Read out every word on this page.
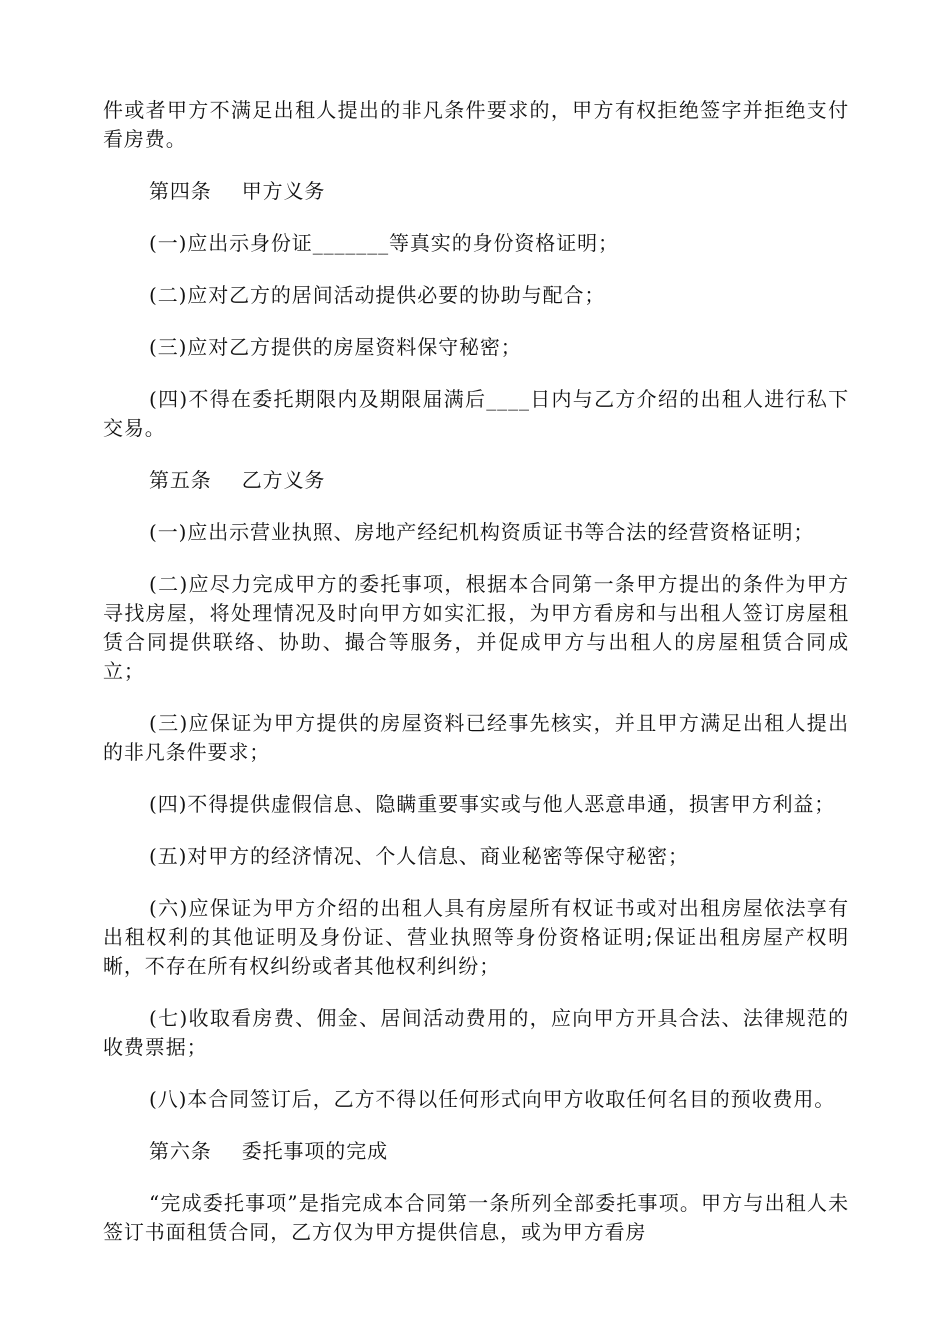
件或者甲方不满足出租人提出的非凡条件要求的，甲方有权拒绝签字并拒绝支付看房费。

第四条 甲方义务

(一)应出示身份证_______等真实的身份资格证明；

(二)应对乙方的居间活动提供必要的协助与配合；

(三)应对乙方提供的房屋资料保守秘密；

(四)不得在委托期限内及期限届满后____日内与乙方介绍的出租人进行私下交易。

第五条 乙方义务

(一)应出示营业执照、房地产经纪机构资质证书等合法的经营资格证明；

(二)应尽力完成甲方的委托事项，根据本合同第一条甲方提出的条件为甲方寻找房屋，将处理情况及时向甲方如实汇报，为甲方看房和与出租人签订房屋租赁合同提供联络、协助、撮合等服务，并促成甲方与出租人的房屋租赁合同成立；

(三)应保证为甲方提供的房屋资料已经事先核实，并且甲方满足出租人提出的非凡条件要求；

(四)不得提供虚假信息、隐瞒重要事实或与他人恶意串通，损害甲方利益；

(五)对甲方的经济情况、个人信息、商业秘密等保守秘密；

(六)应保证为甲方介绍的出租人具有房屋所有权证书或对出租房屋依法享有出租权利的其他证明及身份证、营业执照等身份资格证明;保证出租房屋产权明晰，不存在所有权纠纷或者其他权利纠纷；

(七)收取看房费、佣金、居间活动费用的，应向甲方开具合法、法律规范的收费票据；

(八)本合同签订后，乙方不得以任何形式向甲方收取任何名目的预收费用。

第六条 委托事项的完成

“完成委托事项”是指完成本合同第一条所列全部委托事项。甲方与出租人未签订书面租赁合同，乙方仅为甲方提供信息，或为甲方看房
